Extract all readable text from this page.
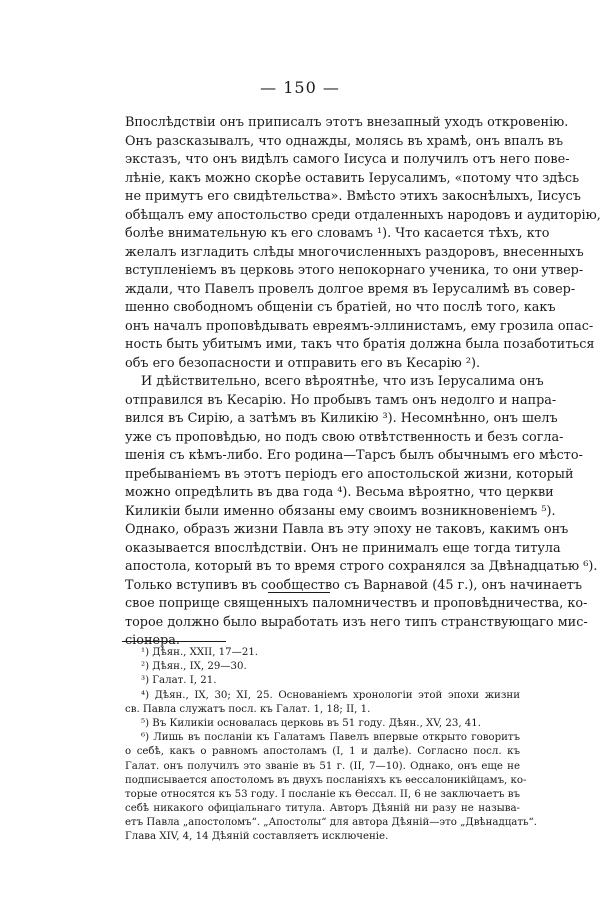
— 150 —
Впослѣдствіи онъ приписалъ этотъ внезапный уходъ откровенію.
Онъ разсказывалъ, что однажды, молясь въ храмѣ, онъ впалъ въ
экстазъ, что онъ видѣлъ самого Іисуса и получилъ отъ него пове-
лѣніе, какъ можно скорѣе оставить Іерусалимъ, «потому что здѣсь
не примутъ его свидѣтельства». Вмѣсто этихъ закоснѣлыхъ, Іисусъ
обѣщалъ ему апостольство среди отдаленныхъ народовъ и аудиторію,
болѣе внимательную къ его словамъ ¹). Что касается тѣхъ, кто
желалъ изгладить слѣды многочисленныхъ раздоровъ, внесенныхъ
вступленіемъ въ церковь этого непокорнаго ученика, то они утвер-
ждали, что Павелъ провелъ долгое время въ Іерусалимѣ въ совер-
шенно свободномъ общеніи съ братіей, но что послѣ того, какъ
онъ началъ проповѣдывать евреямъ-эллинистамъ, ему грозила опас-
ность быть убитымъ ими, такъ что братія должна была позаботиться
объ его безопасности и отправить его въ Кесарію ²).
И дѣйствительно, всего вѣроятнѣе, что изъ Іерусалима онъ
отправился въ Кесарію. Но пробывъ тамъ онъ недолго и напра-
вился въ Сирію, а затѣмъ въ Киликію ³). Несомнѣнно, онъ шелъ
уже съ проповѣдью, но подъ свою отвѣтственность и безъ соглa-
шенія съ кѣмъ-либо. Его родина—Тарсъ былъ обычнымъ его мѣсто-
пребываніемъ въ этотъ періодъ его апостольской жизни, который
можно опредѣлить въ два года ⁴). Весьма вѣроятно, что церкви
Киликіи были именно обязаны ему своимъ возникновеніемъ ⁵).
Однако, образъ жизни Павла въ эту эпоху не таковъ, какимъ онъ
оказывается впослѣдствіи. Онъ не принималъ еще тогда титула
апостола, который въ то время строго сохранялся за Двѣнадцатью ⁶).
Только вступивъ въ сообщество съ Варнавой (45 г.), онъ начинаетъ
свое поприще священныхъ паломничествъ и проповѣдничества, ко-
торое должно было выработать изъ него типъ странствующаго мис-
сіонера.
¹) Дѣян., XXII, 17—21.
²) Дѣян., IX, 29—30.
³) Галат. I, 21.
⁴) Дѣян., IX, 30; XI, 25. Основаніемъ хронологіи этой эпохи жизни
св. Павла служатъ посл. къ Галат. 1, 18; II, 1.
⁵) Въ Киликіи основалась церковь въ 51 году. Дѣян., XV, 23, 41.
⁶) Лишь въ посланіи къ Галатамъ Павелъ впервые открыто говоритъ
о себѣ, какъ о равномъ апостоламъ (I, 1 и далѣе). Согласно посл. къ
Галат. онъ получилъ это званіе въ 51 г. (II, 7—10). Однако, онъ еще не
подписывается апостоломъ въ двухъ посланіяхъ къ ѳессалоникійцамъ, ко-
торые относятся къ 53 году. I посланіе къ Ѳессал. II, 6 не заключаетъ въ
себѣ никакого офиціальнаго титула. Авторъ Дѣяній ни разу не называ-
етъ Павла „апостоломъ“. „Апостолы“ для автора Дѣяній—это „Двѣнадцать“.
Глава XIV, 4, 14 Дѣяній составляетъ исключеніе.
